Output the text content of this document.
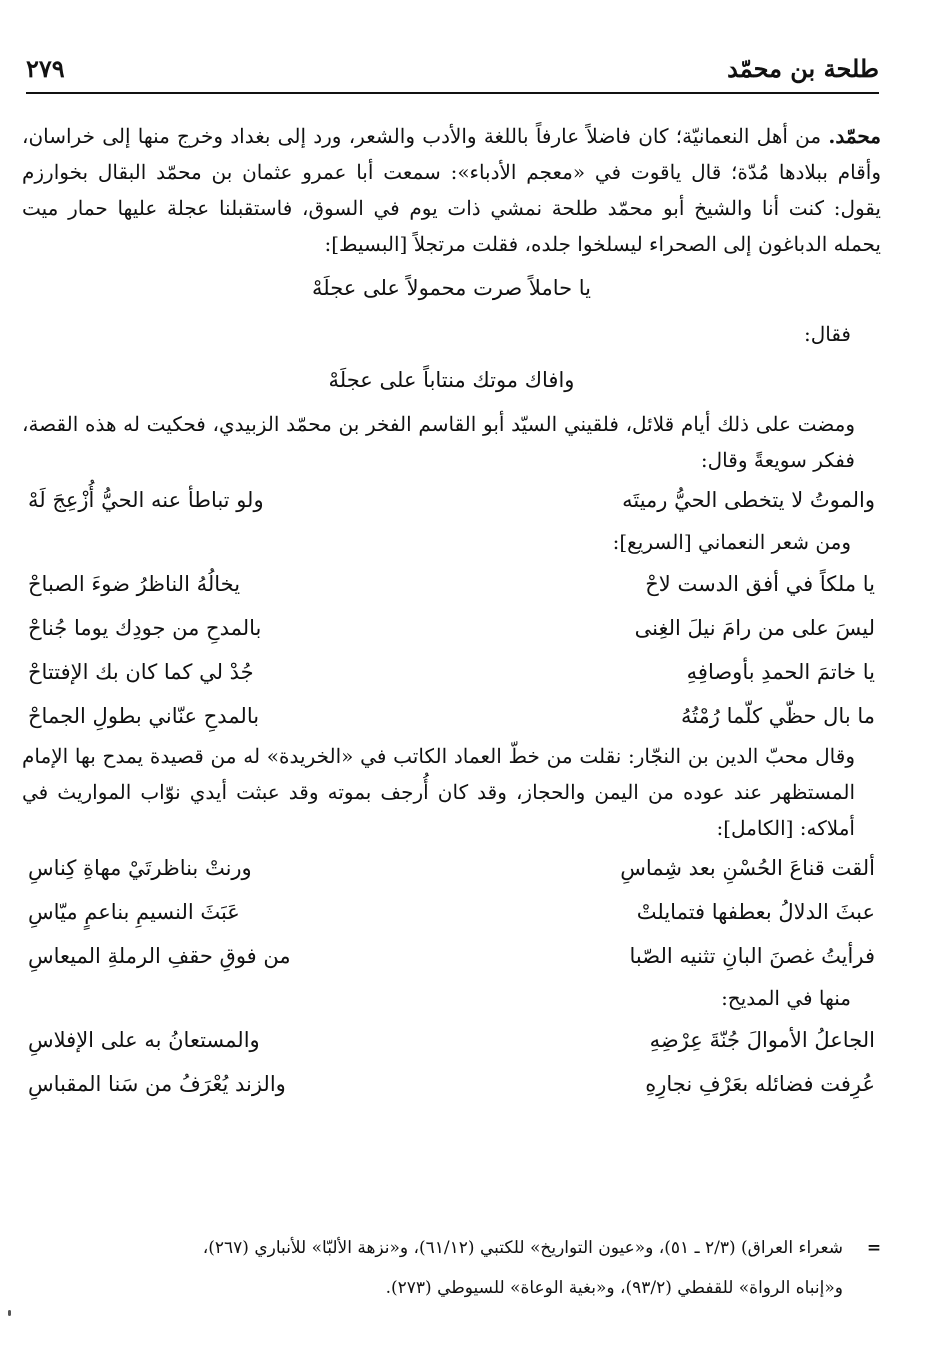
طلحة بن محمّد
٢٧٩

محمّد. من أهل النعمانيّة؛ كان فاضلاً عارفاً باللغة والأدب والشعر، ورد إلى بغداد وخرج منها إلى خراسان، وأقام ببلادها مُدّة؛ قال ياقوت في «معجم الأدباء»: سمعت أبا عمرو عثمان بن محمّد البقال بخوارزم يقول: كنت أنا والشيخ أبو محمّد طلحة نمشي ذات يوم في السوق، فاستقبلنا عجلة عليها حمار ميت يحمله الدباغون إلى الصحراء ليسلخوا جلده، فقلت مرتجلاً [البسيط]:

يا حاملاً صرت محمولاً على عجلَهْ
فقال:
وافاك موتك منتاباً على عجلَهْ

ومضت على ذلك أيام قلائل، فلقيني السيّد أبو القاسم الفخر بن محمّد الزبيدي، فحكيت له هذه القصة، ففكر سويعةً وقال:

والموتُ لا يتخطى الحيُّ رميتَه
ولو تباطأ عنه الحيُّ أُزْعِجَ لَهْ
ومن شعر النعماني [السريع]:
يا ملكاً في أفق الدست لاحْ
يخالُهُ الناظرُ ضوءَ الصباحْ
ليسَ على من رامَ نيلَ الغِنى
بالمدحِ من جودِك يوما جُناحْ
يا خاتمَ الحمدِ بأوصافِهِ
جُدْ لي كما كان بك الإفتتاحْ
ما بال حظّي كلّما رُمْتُهُ
بالمدحِ عنّاني بطولِ الجماحْ

وقال محبّ الدين بن النجّار: نقلت من خطّ العماد الكاتب في «الخريدة» له من قصيدة يمدح بها الإمام المستظهر عند عوده من اليمن والحجاز، وقد كان أُرجف بموته وقد عبثت أيدي نوّاب المواريث في أملاكه: [الكامل]:

ألقت قناعَ الحُسْنِ بعد شِماسِ
ورنتْ بناظرتَيْ مهاةِ كِناسِ
عبثَ الدلالُ بعطفها فتمايلتْ
عَبَثَ النسيمِ بناعمٍ ميّاسِ
فرأيتُ غصنَ البانِ تثنيه الصّبا
من فوقِ حقفِ الرملةِ الميعاسِ
منها في المديح:
الجاعلُ الأموالَ جُنّةَ عِرْضِهِ
والمستعانُ به على الإفلاسِ
عُرِفت فضائله بعَرْفِ نجارِهِ
والزند يُعْرَفُ من سَنا المقباسِ
=شعراء العراق) (٢/٣ ـ ٥١)، و«عيون التواريخ» للكتبي (٦١/١٢)، و«نزهة الألبّا» للأنباري (٢٦٧)،
و«إنباه الرواة» للقفطي (٩٣/٢)، و«بغية الوعاة» للسيوطي (٢٧٣).
